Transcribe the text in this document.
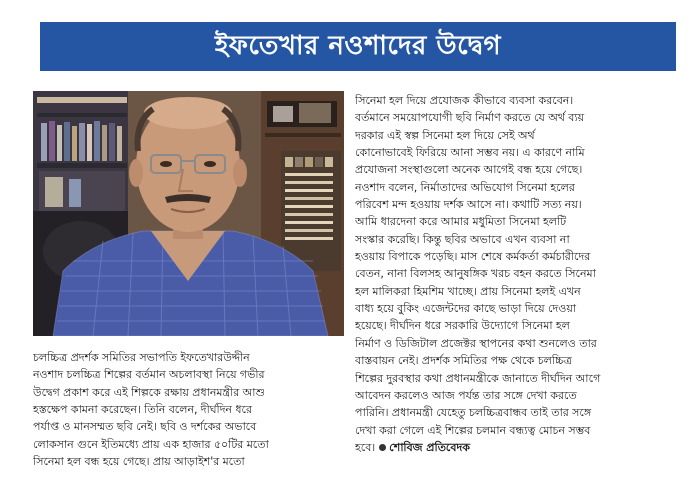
ইফতেখার নওশাদের উদ্বেগ
চলচ্চিত্র প্রদর্শক সমিতির সভাপতি ইফতেখারউদ্দীন
নওশাদ চলচ্চিত্র শিল্পের বর্তমান অচলাবস্থা নিয়ে গভীর
উদ্বেগ প্রকাশ করে এই শিল্পকে রক্ষায় প্রধানমন্ত্রীর আশু
হস্তক্ষেপ কামনা করেছেন। তিনি বলেন, দীর্ঘদিন ধরে
পর্যাপ্ত ও মানসম্মত ছবি নেই। ছবি ও দর্শকের অভাবে
লোকসান গুনে ইতিমধ্যে প্রায় এক হাজার ৫০টির মতো
সিনেমা হল বন্ধ হয়ে গেছে। প্রায় আড়াইশ'র মতো
সিনেমা হল দিয়ে প্রযোজক কীভাবে ব্যবসা করবেন।
বর্তমানে সময়োপযোগী ছবি নির্মাণ করতে যে অর্থ ব্যয়
দরকার এই স্বল্প সিনেমা হল দিয়ে সেই অর্থ
কোনোভাবেই ফিরিয়ে আনা সম্ভব নয়। এ কারণে নামি
প্রযোজনা সংস্থাগুলো অনেক আগেই বন্ধ হয়ে গেছে।
নওশাদ বলেন, নির্মাতাদের অভিযোগ সিনেমা হলের
পরিবেশ মন্দ হওয়ায় দর্শক আসে না। কথাটি সত্য নয়।
আমি ধারদেনা করে আমার মধুমিতা সিনেমা হলটি
সংস্কার করেছি। কিন্তু ছবির অভাবে এখন ব্যবসা না
হওয়ায় বিপাকে পড়েছি। মাস শেষে কর্মকর্তা কর্মচারীদের
বেতন, নানা বিলসহ আনুষঙ্গিক খরচ বহন করতে সিনেমা
হল মালিকরা হিমশিম খাচ্ছে। প্রায় সিনেমা হলই এখন
বাধ্য হয়ে বুকিং এজেন্টদের কাছে ভাড়া দিয়ে দেওয়া
হয়েছে। দীর্ঘদিন ধরে সরকারি উদ্যোগে সিনেমা হল
নির্মাণ ও ডিজিটাল প্রজেক্টর স্থাপনের কথা শুনলেও তার
বাস্তবায়ন নেই। প্রদর্শক সমিতির পক্ষ থেকে চলচ্চিত্র
শিল্পের দুরবস্থার কথা প্রধানমন্ত্রীকে জানাতে দীর্ঘদিন আগে
আবেদন করলেও আজ পর্যন্ত তার সঙ্গে দেখা করতে
পারিনি। প্রধানমন্ত্রী যেহেতু চলচ্চিত্রবান্ধব তাই তার সঙ্গে
দেখা করা গেলে এই শিল্পের চলমান বন্ধ্যত্ব মোচন সম্ভব
হবে। শোবিজ প্রতিবেদক
